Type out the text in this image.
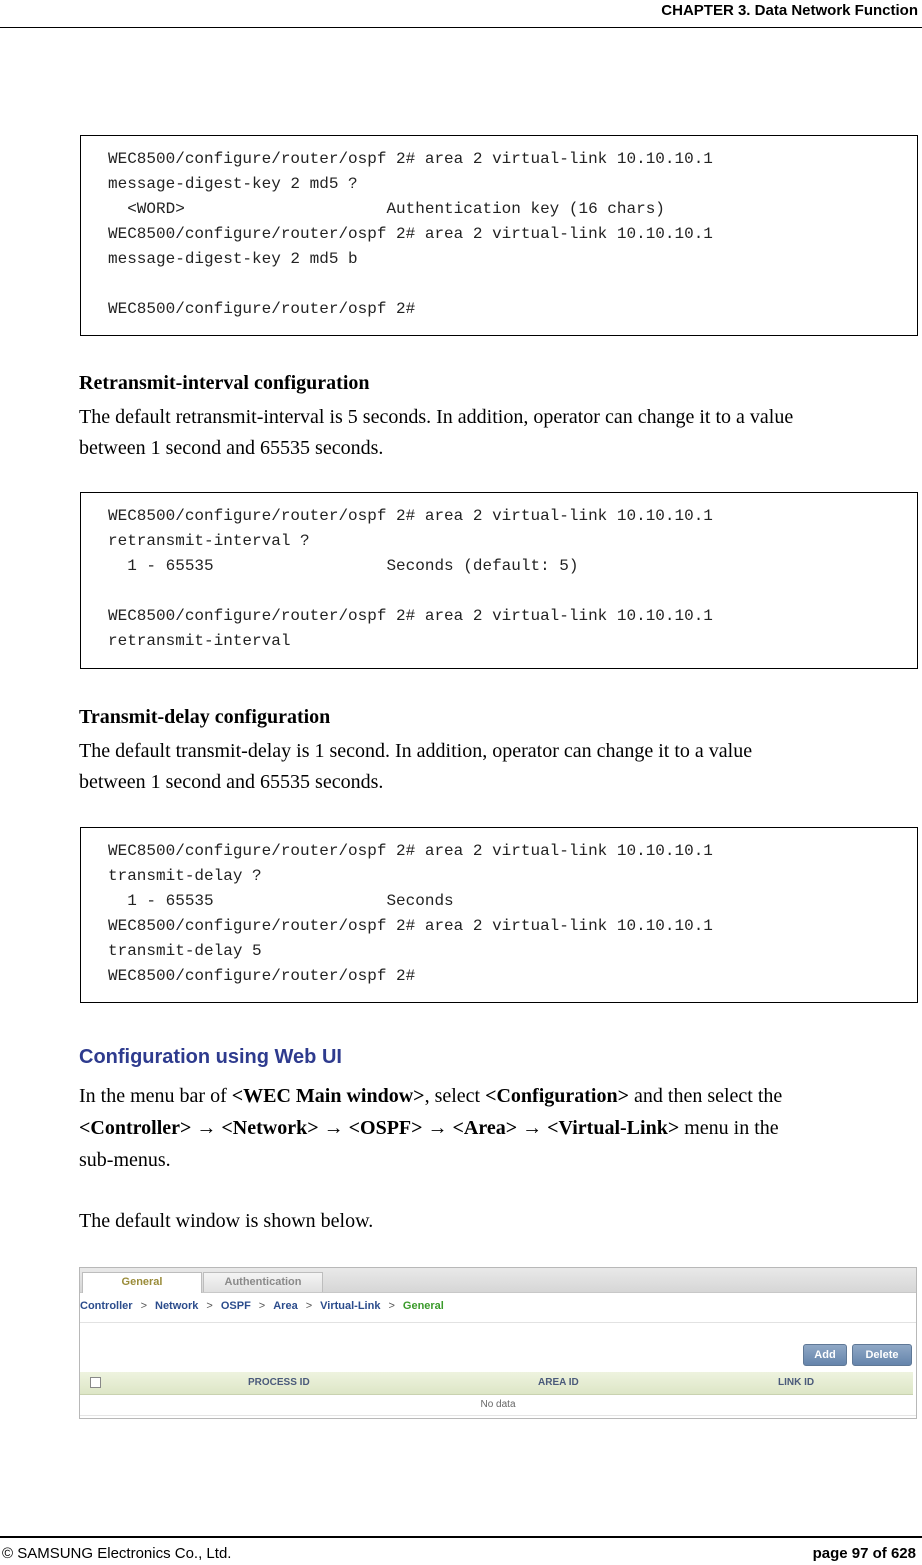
CHAPTER 3. Data Network Function
WEC8500/configure/router/ospf 2# area 2 virtual-link 10.10.10.1
message-digest-key 2 md5 ?
<WORD>                     Authentication key (16 chars)
WEC8500/configure/router/ospf 2# area 2 virtual-link 10.10.10.1
message-digest-key 2 md5 b
WEC8500/configure/router/ospf 2#
Retransmit-interval configuration
The default retransmit-interval is 5 seconds. In addition, operator can change it to a value
between 1 second and 65535 seconds.
WEC8500/configure/router/ospf 2# area 2 virtual-link 10.10.10.1
retransmit-interval ?
1 - 65535                  Seconds (default: 5)
WEC8500/configure/router/ospf 2# area 2 virtual-link 10.10.10.1
retransmit-interval
Transmit-delay configuration
The default transmit-delay is 1 second. In addition, operator can change it to a value
between 1 second and 65535 seconds.
WEC8500/configure/router/ospf 2# area 2 virtual-link 10.10.10.1
transmit-delay ?
1 - 65535                  Seconds
WEC8500/configure/router/ospf 2# area 2 virtual-link 10.10.10.1
transmit-delay 5
WEC8500/configure/router/ospf 2#
Configuration using Web UI
In the menu bar of <WEC Main window>, select <Configuration> and then select the
<Controller> → <Network> → <OSPF> → <Area> → <Virtual-Link> menu in the
sub-menus.
The default window is shown below.
General	Authentication
Controller > Network > OSPF > Area > Virtual-Link > General
Add	Delete
PROCESS ID	AREA ID	LINK ID
No data
© SAMSUNG Electronics Co., Ltd.	page 97 of 628
